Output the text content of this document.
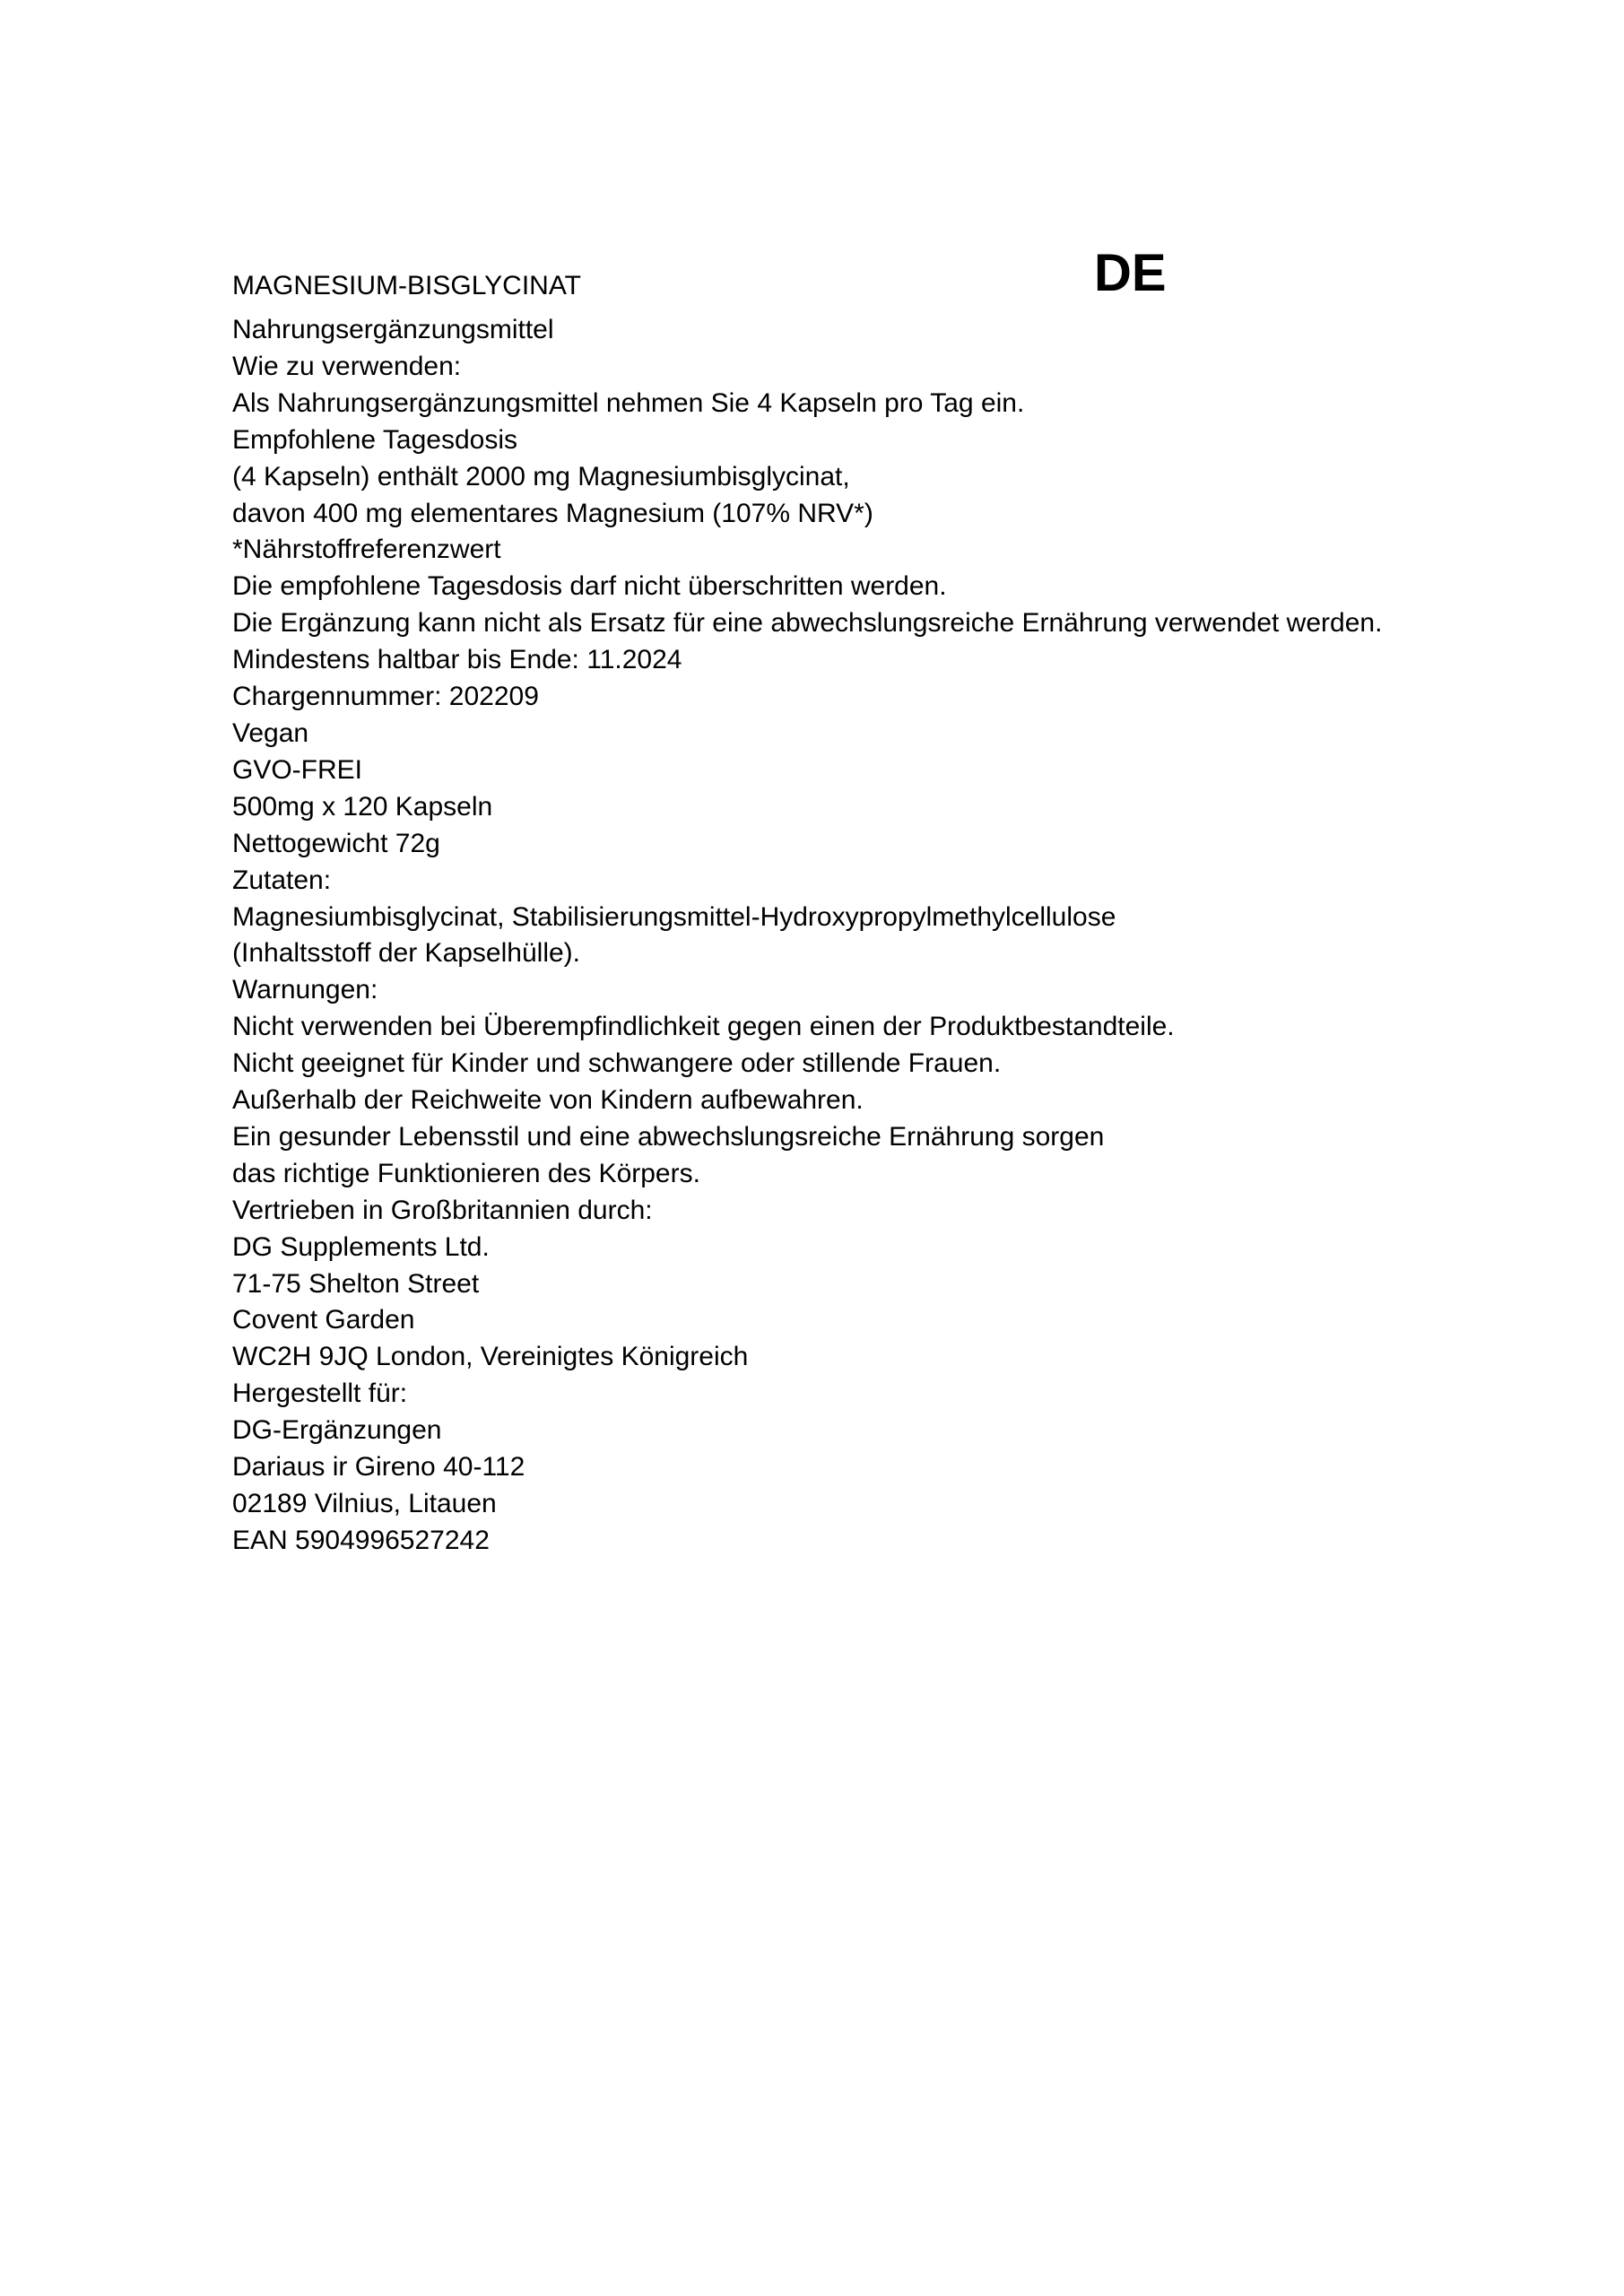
MAGNESIUM-BISGLYCINAT	DE
Nahrungsergänzungsmittel
Wie zu verwenden:
Als Nahrungsergänzungsmittel nehmen Sie 4 Kapseln pro Tag ein.
Empfohlene Tagesdosis
(4 Kapseln) enthält 2000 mg Magnesiumbisglycinat,
davon 400 mg elementares Magnesium (107% NRV*)
*Nährstoffreferenzwert
Die empfohlene Tagesdosis darf nicht überschritten werden.
Die Ergänzung kann nicht als Ersatz für eine abwechslungsreiche Ernährung verwendet werden.
Mindestens haltbar bis Ende: 11.2024
Chargennummer: 202209
Vegan
GVO-FREI
500mg x 120 Kapseln
Nettogewicht 72g
Zutaten:
Magnesiumbisglycinat, Stabilisierungsmittel-Hydroxypropylmethylcellulose
(Inhaltsstoff der Kapselhülle).
Warnungen:
Nicht verwenden bei Überempfindlichkeit gegen einen der Produktbestandteile.
Nicht geeignet für Kinder und schwangere oder stillende Frauen.
Außerhalb der Reichweite von Kindern aufbewahren.
Ein gesunder Lebensstil und eine abwechslungsreiche Ernährung sorgen
das richtige Funktionieren des Körpers.
Vertrieben in Großbritannien durch:
DG Supplements Ltd.
71-75 Shelton Street
Covent Garden
WC2H 9JQ London, Vereinigtes Königreich
Hergestellt für:
DG-Ergänzungen
Dariaus ir Gireno 40-112
02189 Vilnius, Litauen
EAN 5904996527242
